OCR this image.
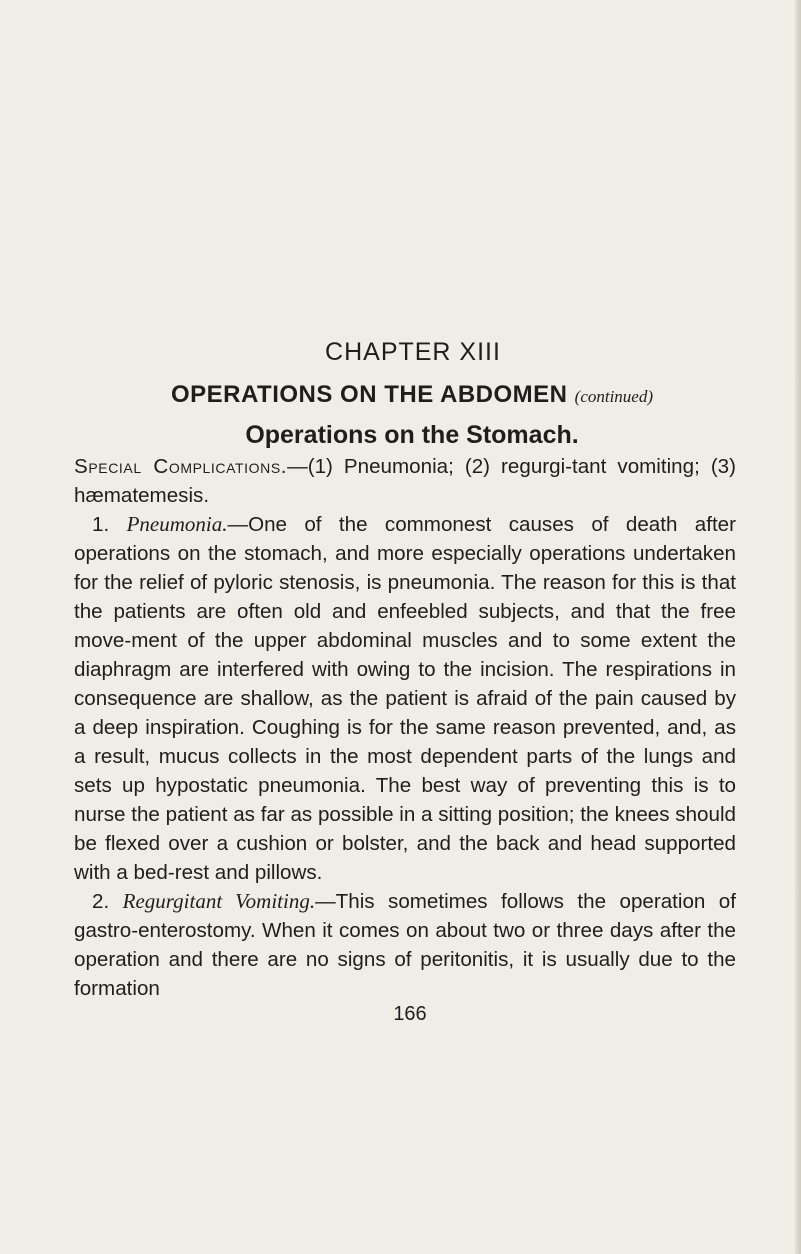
CHAPTER XIII
OPERATIONS ON THE ABDOMEN (continued)
Operations on the Stomach.

Special Complications.—(1) Pneumonia; (2) regurgi-tant vomiting; (3) hæmatemesis.

1. Pneumonia.—One of the commonest causes of death after operations on the stomach, and more especially operations undertaken for the relief of pyloric stenosis, is pneumonia. The reason for this is that the patients are often old and enfeebled subjects, and that the free move-ment of the upper abdominal muscles and to some extent the diaphragm are interfered with owing to the incision. The respirations in consequence are shallow, as the patient is afraid of the pain caused by a deep inspiration. Coughing is for the same reason prevented, and, as a result, mucus collects in the most dependent parts of the lungs and sets up hypostatic pneumonia. The best way of preventing this is to nurse the patient as far as possible in a sitting position; the knees should be flexed over a cushion or bolster, and the back and head supported with a bed-rest and pillows.

2. Regurgitant Vomiting.—This sometimes follows the operation of gastro-enterostomy. When it comes on about two or three days after the operation and there are no signs of peritonitis, it is usually due to the formation

166
